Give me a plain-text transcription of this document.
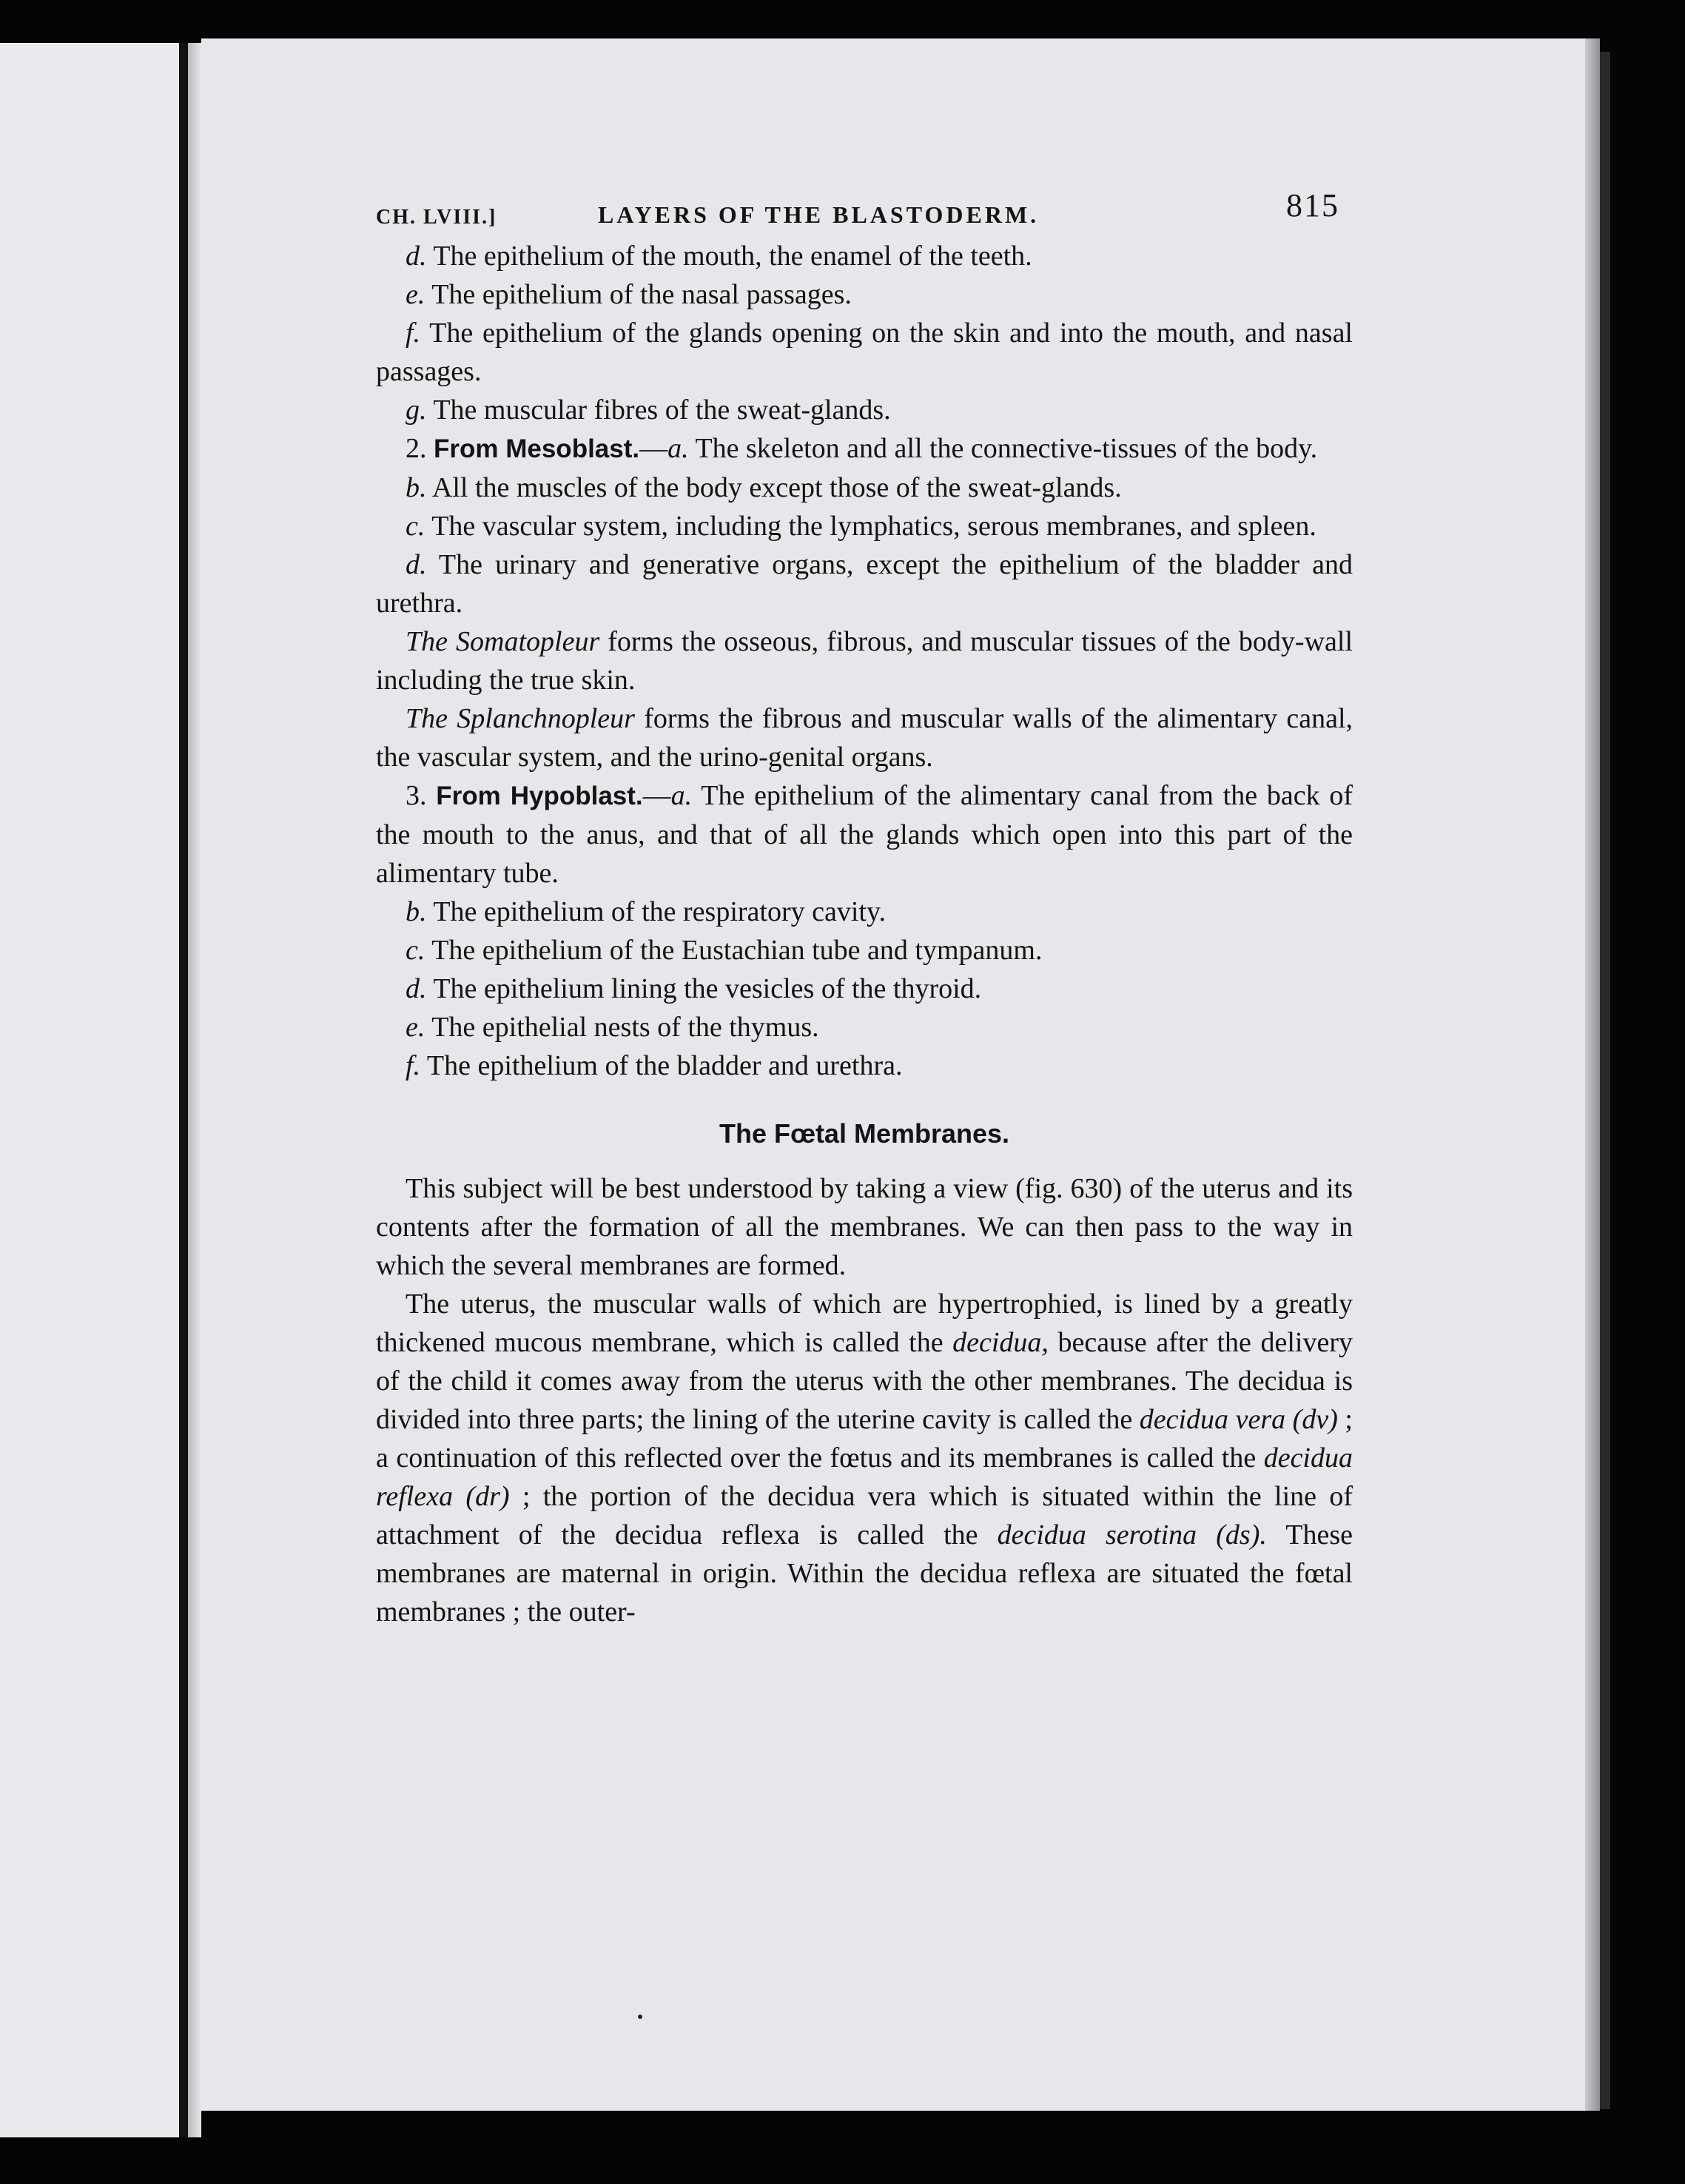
CH. LVIII.]	LAYERS OF THE BLASTODERM.	815

d. The epithelium of the mouth, the enamel of the teeth.

e. The epithelium of the nasal passages.

f. The epithelium of the glands opening on the skin and into the mouth, and nasal passages.

g. The muscular fibres of the sweat-glands.

2. From Mesoblast.—a. The skeleton and all the connective-tissues of the body.

b. All the muscles of the body except those of the sweat-glands.

c. The vascular system, including the lymphatics, serous membranes, and spleen.

d. The urinary and generative organs, except the epithelium of the bladder and urethra.

The Somatopleur forms the osseous, fibrous, and muscular tissues of the body-wall including the true skin.

The Splanchnopleur forms the fibrous and muscular walls of the alimentary canal, the vascular system, and the urino-genital organs.

3. From Hypoblast.—a. The epithelium of the alimentary canal from the back of the mouth to the anus, and that of all the glands which open into this part of the alimentary tube.

b. The epithelium of the respiratory cavity.

c. The epithelium of the Eustachian tube and tympanum.

d. The epithelium lining the vesicles of the thyroid.

e. The epithelial nests of the thymus.

f. The epithelium of the bladder and urethra.

The Fœtal Membranes.

This subject will be best understood by taking a view (fig. 630) of the uterus and its contents after the formation of all the membranes. We can then pass to the way in which the several membranes are formed.

The uterus, the muscular walls of which are hypertrophied, is lined by a greatly thickened mucous membrane, which is called the decidua, because after the delivery of the child it comes away from the uterus with the other membranes. The decidua is divided into three parts; the lining of the uterine cavity is called the decidua vera (dv) ; a continuation of this reflected over the fœtus and its membranes is called the decidua reflexa (dr) ; the portion of the decidua vera which is situated within the line of attachment of the decidua reflexa is called the decidua serotina (ds). These membranes are maternal in origin. Within the decidua reflexa are situated the fœtal membranes ; the outer-
